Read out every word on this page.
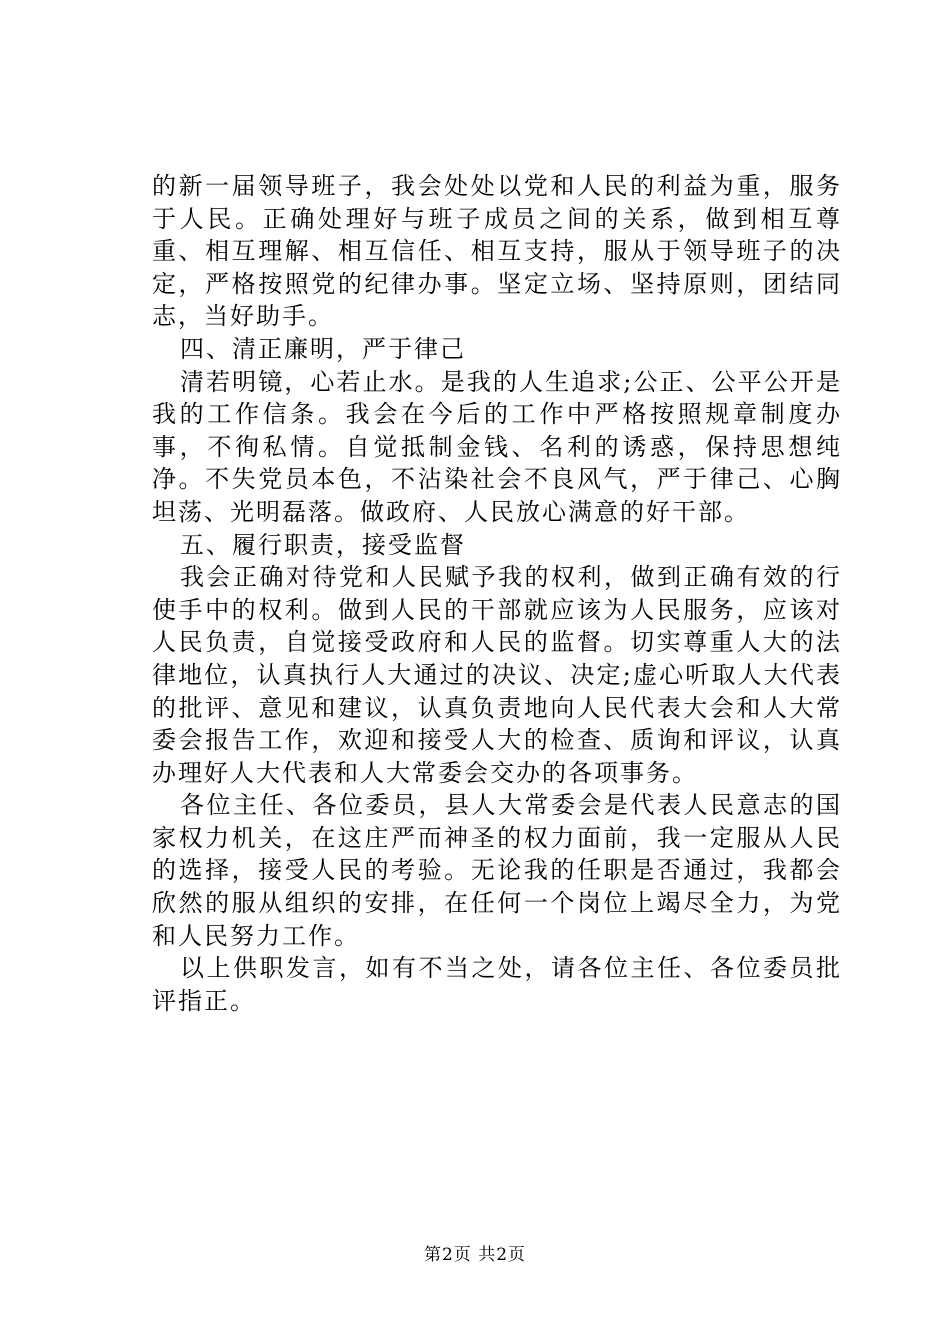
的新一届领导班子，我会处处以党和人民的利益为重，服务于人民。正确处理好与班子成员之间的关系，做到相互尊重、相互理解、相互信任、相互支持，服从于领导班子的决定，严格按照党的纪律办事。坚定立场、坚持原则，团结同志，当好助手。

四、清正廉明，严于律己

清若明镜，心若止水。是我的人生追求;公正、公平公开是我的工作信条。我会在今后的工作中严格按照规章制度办事，不徇私情。自觉抵制金钱、名利的诱惑，保持思想纯净。不失党员本色，不沾染社会不良风气，严于律己、心胸坦荡、光明磊落。做政府、人民放心满意的好干部。

五、履行职责，接受监督

我会正确对待党和人民赋予我的权利，做到正确有效的行使手中的权利。做到人民的干部就应该为人民服务，应该对人民负责，自觉接受政府和人民的监督。切实尊重人大的法律地位，认真执行人大通过的决议、决定;虚心听取人大代表的批评、意见和建议，认真负责地向人民代表大会和人大常委会报告工作，欢迎和接受人大的检查、质询和评议，认真办理好人大代表和人大常委会交办的各项事务。

各位主任、各位委员，县人大常委会是代表人民意志的国家权力机关，在这庄严而神圣的权力面前，我一定服从人民的选择，接受人民的考验。无论我的任职是否通过，我都会欣然的服从组织的安排，在任何一个岗位上竭尽全力，为党和人民努力工作。

以上供职发言，如有不当之处，请各位主任、各位委员批评指正。

第2页 共2页
